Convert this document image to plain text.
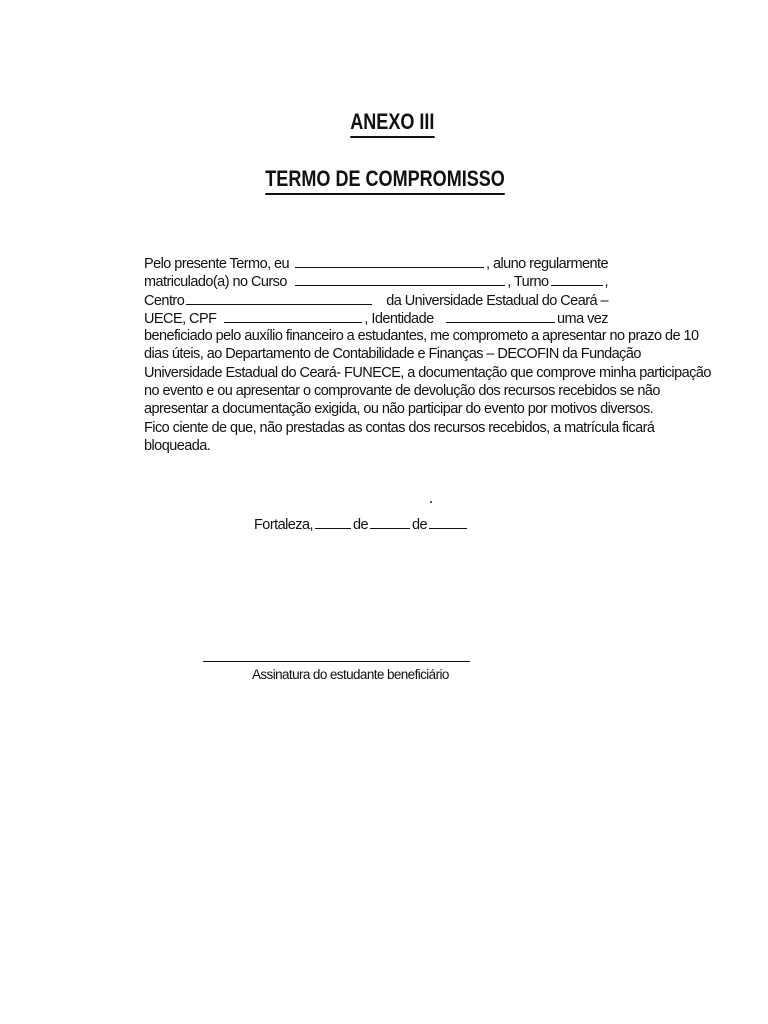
ANEXO III
TERMO DE COMPROMISSO
Pelo presente Termo, eu	, aluno regularmente
matriculado(a) no Curso	, Turno	,
Centro	da Universidade Estadual do Ceará –
UECE, CPF	, Identidade	uma vez
beneficiado pelo auxílio financeiro a estudantes, me comprometo a apresentar no prazo de 10
dias úteis, ao Departamento de Contabilidade e Finanças – DECOFIN da Fundação
Universidade Estadual do Ceará- FUNECE, a documentação que comprove minha participação
no evento e ou apresentar o comprovante de devolução dos recursos recebidos se não
apresentar a documentação exigida, ou não participar do evento por motivos diversos.
Fico ciente de que, não prestadas as contas dos recursos recebidos, a matrícula ficará
bloqueada.
Fortaleza,	de	de
Assinatura do estudante beneficiário
